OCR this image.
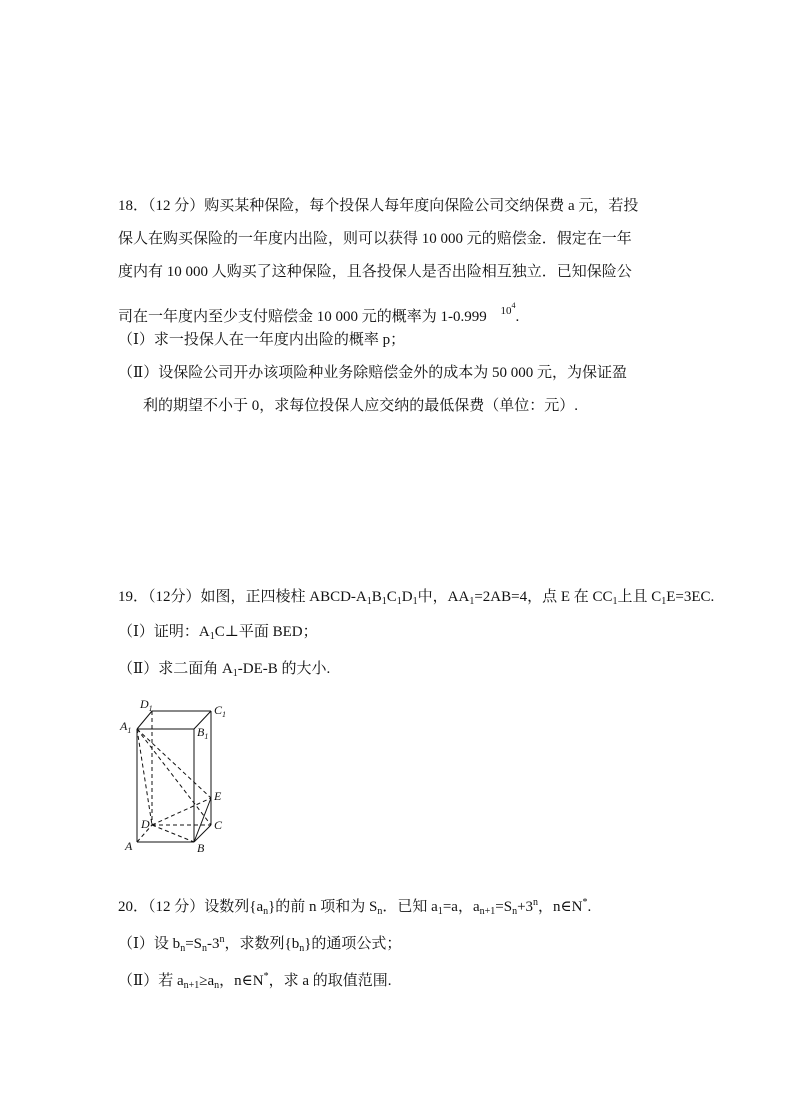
18．（12 分）购买某种保险，每个投保人每年度向保险公司交纳保费 a 元，若投
保人在购买保险的一年度内出险，则可以获得 10 000 元的赔偿金．假定在一年
度内有 10 000 人购买了这种保险，且各投保人是否出险相互独立．已知保险公
司在一年度内至少支付赔偿金 10 000 元的概率为 1-0.999 $^{10^4}$.
（Ⅰ）求一投保人在一年度内出险的概率 p；
（Ⅱ）设保险公司开办该项险种业务除赔偿金外的成本为 50 000 元，为保证盈
利的期望不小于 0，求每位投保人应交纳的最低保费（单位：元）.
19．（12分）如图，正四棱柱 ABCD-$A_1B_1C_1D_1$中，$AA_1=2AB=4$，点 E 在 $CC_1$上且 $C_1E=3EC$.
（Ⅰ）证明：$A_1C\perp$平面 BED；
（Ⅱ）求二面角 $A_1-DE-B$ 的大小.
$D_1$	$C_1$
$A_1$	$B_1$
E
D	C
A	B
20．（12 分）设数列$\{a_n\}$的前 n 项和为 $S_n$．已知 $a_1=a$，$a_{n+1}=S_n+3^n$，n∈N*.
（Ⅰ）设 $b_n=S_n-3^n$，求数列$\{b_n\}$的通项公式；
（Ⅱ）若 $a_{n+1}\ge a_n$，n∈N*，求 a 的取值范围.
